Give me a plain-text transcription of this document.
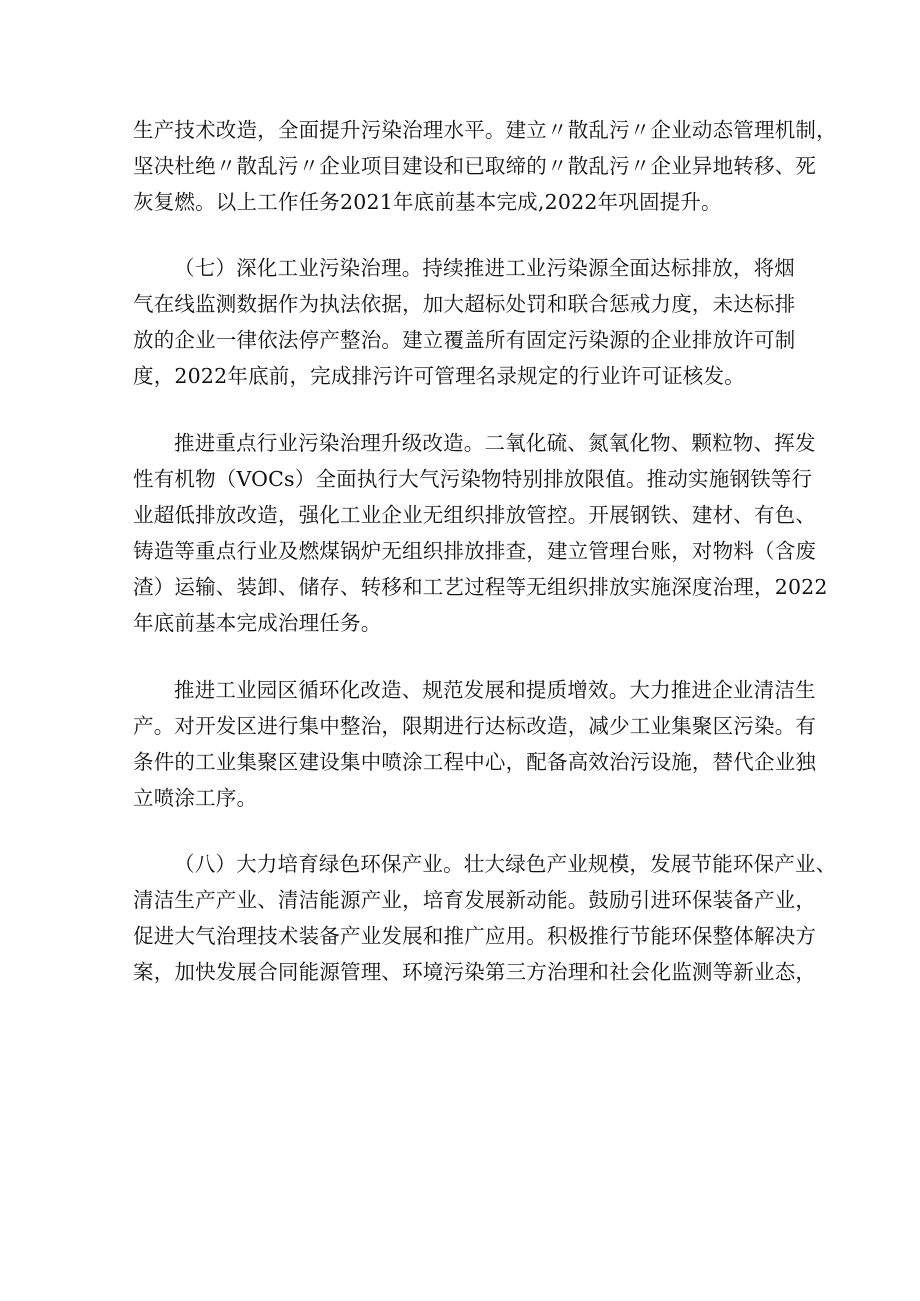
生产技术改造，全面提升污染治理水平。建立〃散乱污〃企业动态管理机制，
坚决杜绝〃散乱污〃企业项目建设和已取缔的〃散乱污〃企业异地转移、死
灰复燃。以上工作任务2021年底前基本完成,2022年巩固提升。

（七）深化工业污染治理。持续推进工业污染源全面达标排放，将烟
气在线监测数据作为执法依据，加大超标处罚和联合惩戒力度，未达标排
放的企业一律依法停产整治。建立覆盖所有固定污染源的企业排放许可制
度，2022年底前，完成排污许可管理名录规定的行业许可证核发。

推进重点行业污染治理升级改造。二氧化硫、氮氧化物、颗粒物、挥发
性有机物（VOCs）全面执行大气污染物特别排放限值。推动实施钢铁等行
业超低排放改造，强化工业企业无组织排放管控。开展钢铁、建材、有色、
铸造等重点行业及燃煤锅炉无组织排放排查，建立管理台账，对物料（含废
渣）运输、装卸、储存、转移和工艺过程等无组织排放实施深度治理，2022
年底前基本完成治理任务。

推进工业园区循环化改造、规范发展和提质增效。大力推进企业清洁生
产。对开发区进行集中整治，限期进行达标改造，减少工业集聚区污染。有
条件的工业集聚区建设集中喷涂工程中心，配备高效治污设施，替代企业独
立喷涂工序。

（八）大力培育绿色环保产业。壮大绿色产业规模，发展节能环保产业、
清洁生产产业、清洁能源产业，培育发展新动能。鼓励引进环保装备产业，
促进大气治理技术装备产业发展和推广应用。积极推行节能环保整体解决方
案，加快发展合同能源管理、环境污染第三方治理和社会化监测等新业态，
